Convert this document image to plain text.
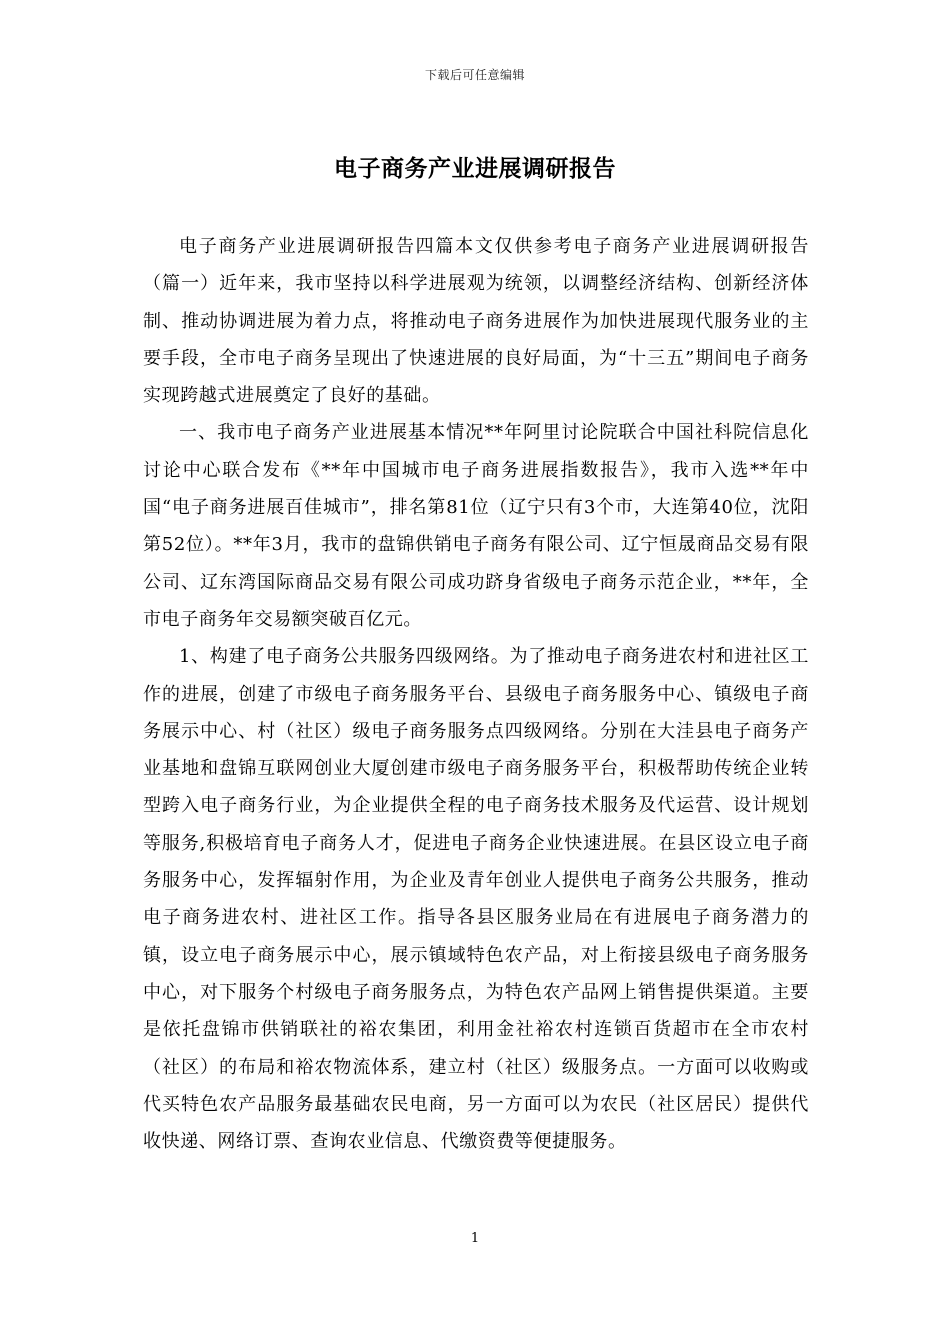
下载后可任意编辑
电子商务产业进展调研报告

电子商务产业进展调研报告四篇本文仅供参考电子商务产业进展调研报告（篇一）近年来，我市坚持以科学进展观为统领，以调整经济结构、创新经济体制、推动协调进展为着力点，将推动电子商务进展作为加快进展现代服务业的主要手段，全市电子商务呈现出了快速进展的良好局面，为“十三五”期间电子商务实现跨越式进展奠定了良好的基础。

一、我市电子商务产业进展基本情况**年阿里讨论院联合中国社科院信息化讨论中心联合发布《**年中国城市电子商务进展指数报告》，我市入选**年中国“电子商务进展百佳城市”，排名第81位（辽宁只有3个市，大连第40位，沈阳第52位）。**年3月，我市的盘锦供销电子商务有限公司、辽宁恒晟商品交易有限公司、辽东湾国际商品交易有限公司成功跻身省级电子商务示范企业，**年，全市电子商务年交易额突破百亿元。

1、构建了电子商务公共服务四级网络。为了推动电子商务进农村和进社区工作的进展，创建了市级电子商务服务平台、县级电子商务服务中心、镇级电子商务展示中心、村（社区）级电子商务服务点四级网络。分别在大洼县电子商务产业基地和盘锦互联网创业大厦创建市级电子商务服务平台，积极帮助传统企业转型跨入电子商务行业，为企业提供全程的电子商务技术服务及代运营、设计规划等服务,积极培育电子商务人才，促进电子商务企业快速进展。在县区设立电子商务服务中心，发挥辐射作用，为企业及青年创业人提供电子商务公共服务，推动电子商务进农村、进社区工作。指导各县区服务业局在有进展电子商务潜力的镇，设立电子商务展示中心，展示镇域特色农产品，对上衔接县级电子商务服务中心，对下服务个村级电子商务服务点，为特色农产品网上销售提供渠道。主要是依托盘锦市供销联社的裕农集团，利用金社裕农村连锁百货超市在全市农村（社区）的布局和裕农物流体系，建立村（社区）级服务点。一方面可以收购或代买特色农产品服务最基础农民电商，另一方面可以为农民（社区居民）提供代收快递、网络订票、查询农业信息、代缴资费等便捷服务。

1
